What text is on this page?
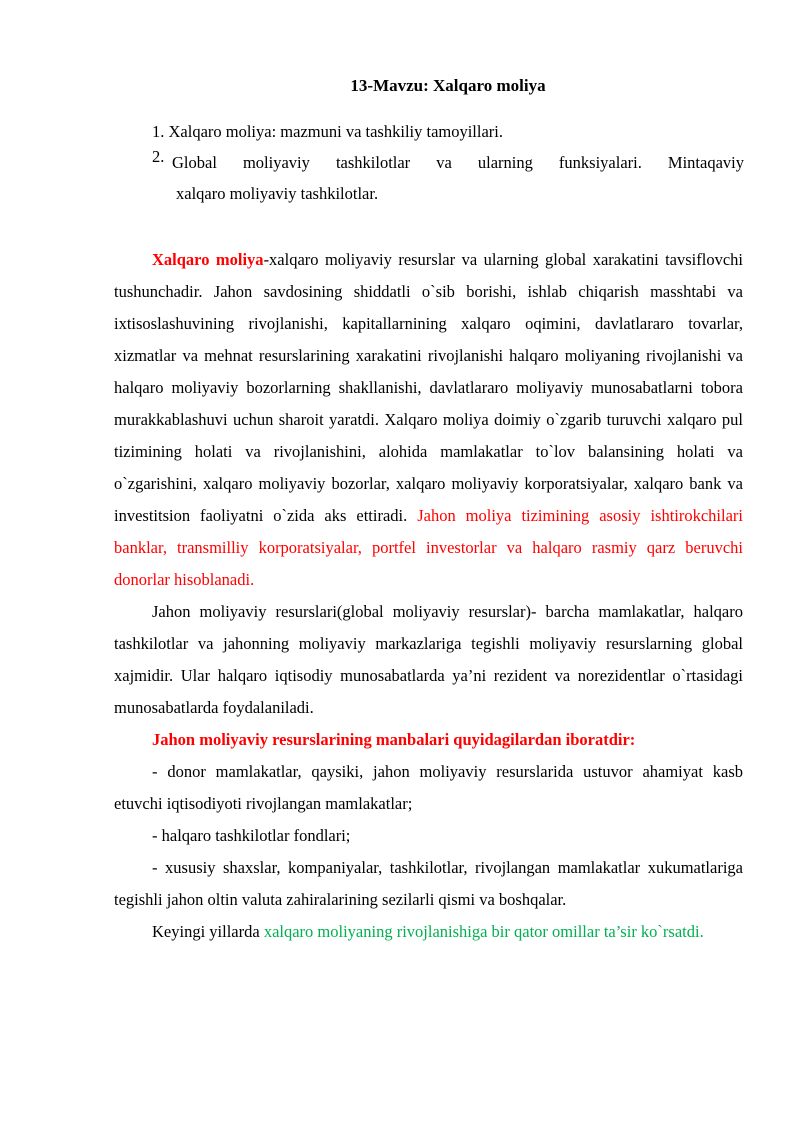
13-Mavzu: Xalqaro moliya
1. Xalqaro moliya: mazmuni va tashkiliy tamoyillari.
2. Global moliyaviy tashkilotlar va ularning funksiyalari. Mintaqaviy
xalqaro moliyaviy tashkilotlar.

Xalqaro moliya-xalqaro moliyaviy resurslar va ularning global xarakatini tavsiflovchi tushunchadir. Jahon savdosining shiddatli o`sib borishi, ishlab chiqarish masshtabi va ixtisoslashuvining rivojlanishi, kapitallarnining xalqaro oqimini, davlatlararo tovarlar, xizmatlar va mehnat resurslarining xarakatini rivojlanishi halqaro moliyaning rivojlanishi va halqaro moliyaviy bozorlarning shakllanishi, davlatlararo moliyaviy munosabatlarni tobora murakkablashuvi uchun sharoit yaratdi. Xalqaro moliya doimiy o`zgarib turuvchi xalqaro pul tizimining holati va rivojlanishini, alohida mamlakatlar to`lov balansining holati va o`zgarishini, xalqaro moliyaviy bozorlar, xalqaro moliyaviy korporatsiyalar, xalqaro bank va investitsion faoliyatni o`zida aks ettiradi. Jahon moliya tizimining asosiy ishtirokchilari banklar, transmilliy korporatsiyalar, portfel investorlar va halqaro rasmiy qarz beruvchi donorlar hisoblanadi.

Jahon moliyaviy resurslari(global moliyaviy resurslar)- barcha mamlakatlar, halqaro tashkilotlar va jahonning moliyaviy markazlariga tegishli moliyaviy resurslarning global xajmidir. Ular halqaro iqtisodiy munosabatlarda ya’ni rezident va norezidentlar o`rtasidagi munosabatlarda foydalaniladi.

Jahon moliyaviy resurslarining manbalari quyidagilardan iboratdir:

- donor mamlakatlar, qaysiki, jahon moliyaviy resurslarida ustuvor ahamiyat kasb etuvchi iqtisodiyoti rivojlangan mamlakatlar;

- halqaro tashkilotlar fondlari;

- xususiy shaxslar, kompaniyalar, tashkilotlar, rivojlangan mamlakatlar xukumatlariga tegishli jahon oltin valuta zahiralarining sezilarli qismi va boshqalar.

Keyingi yillarda xalqaro moliyaning rivojlanishiga bir qator omillar ta’sir ko`rsatdi.
